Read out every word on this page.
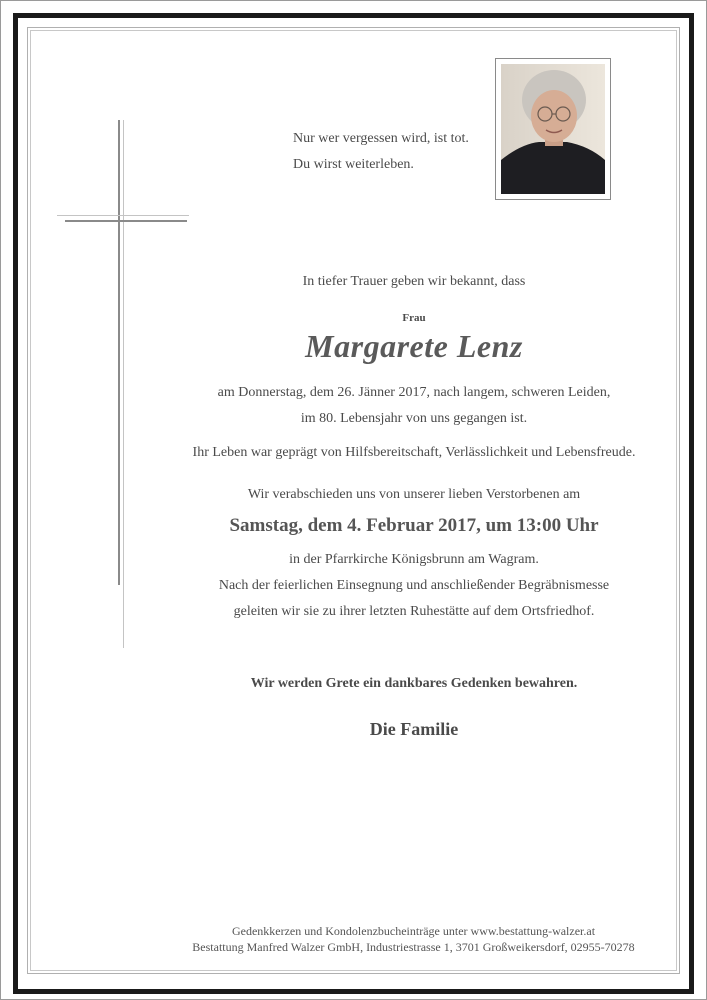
Nur wer vergessen wird, ist tot.
Du wirst weiterleben.
In tiefer Trauer geben wir bekannt, dass
Frau
Margarete Lenz
am Donnerstag, dem 26. Jänner 2017, nach langem, schweren Leiden,
im 80. Lebensjahr von uns gegangen ist.
Ihr Leben war geprägt von Hilfsbereitschaft, Verlässlichkeit und Lebensfreude.
Wir verabschieden uns von unserer lieben Verstorbenen am
Samstag, dem 4. Februar 2017, um 13:00 Uhr
in der Pfarrkirche Königsbrunn am Wagram.
Nach der feierlichen Einsegnung und anschließender Begräbnismesse
geleiten wir sie zu ihrer letzten Ruhestätte auf dem Ortsfriedhof.
Wir werden Grete ein dankbares Gedenken bewahren.
Die Familie
Gedenkkerzen und Kondolenzbucheinträge unter www.bestattung-walzer.at
Bestattung Manfred Walzer GmbH, Industriestrasse 1, 3701 Großweikersdorf, 02955-70278
